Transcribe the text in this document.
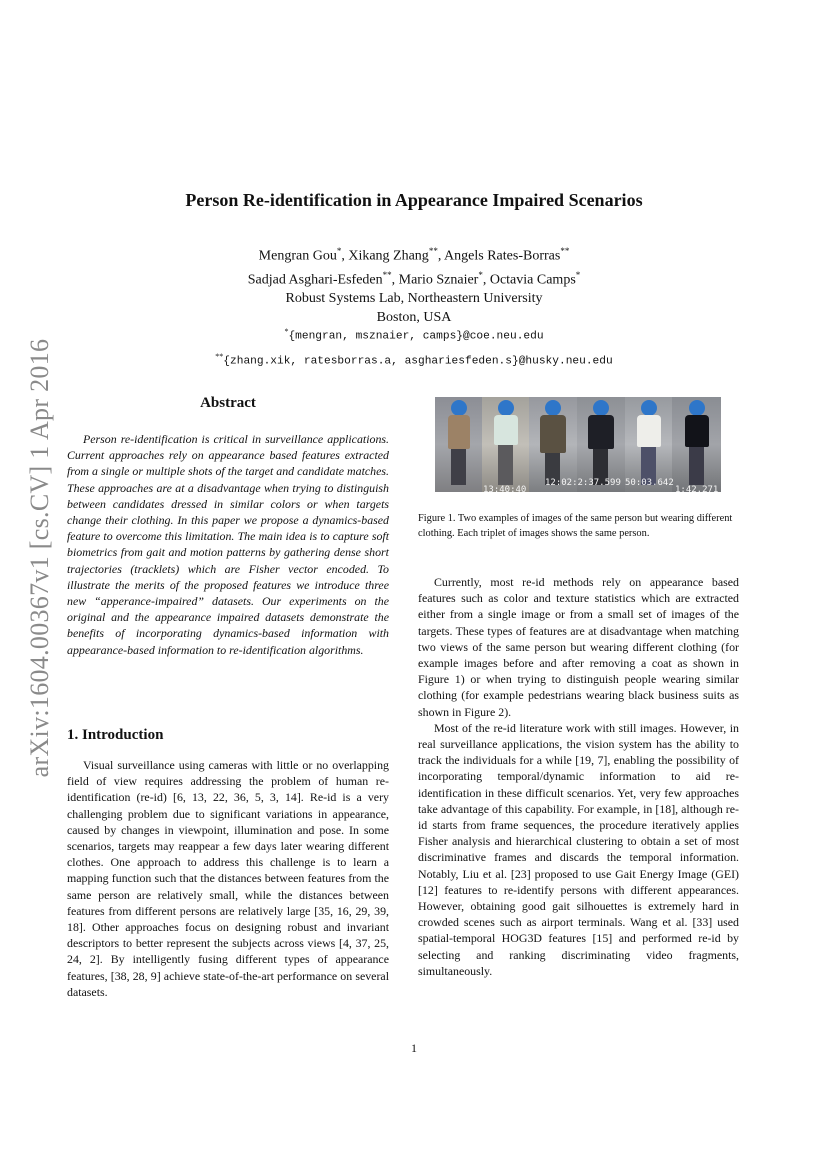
arXiv:1604.00367v1 [cs.CV] 1 Apr 2016
Person Re-identification in Appearance Impaired Scenarios
Mengran Gou*, Xikang Zhang**, Angels Rates-Borras**
Sadjad Asghari-Esfeden**, Mario Sznaier*, Octavia Camps*
Robust Systems Lab, Northeastern University
Boston, USA
*{mengran, msznaier, camps}@coe.neu.edu
**{zhang.xik, ratesborras.a, asghariesfeden.s}@husky.neu.edu
Abstract

Person re-identification is critical in surveillance applications. Current approaches rely on appearance based features extracted from a single or multiple shots of the target and candidate matches. These approaches are at a disadvantage when trying to distinguish between candidates dressed in similar colors or when targets change their clothing. In this paper we propose a dynamics-based feature to overcome this limitation. The main idea is to capture soft biometrics from gait and motion patterns by gathering dense short trajectories (tracklets) which are Fisher vector encoded. To illustrate the merits of the proposed features we introduce three new “apperance-impaired” datasets. Our experiments on the original and the appearance impaired datasets demonstrate the benefits of incorporating dynamics-based information with appearance-based information to re-identification algorithms.

1. Introduction

Visual surveillance using cameras with little or no overlapping field of view requires addressing the problem of human re-identification (re-id) [6, 13, 22, 36, 5, 3, 14]. Re-id is a very challenging problem due to significant variations in appearance, caused by changes in viewpoint, illumination and pose. In some scenarios, targets may reappear a few days later wearing different clothes. One approach to address this challenge is to learn a mapping function such that the distances between features from the same person are relatively small, while the distances between features from different persons are relatively large [35, 16, 29, 39, 18]. Other approaches focus on designing robust and invariant descriptors to better represent the subjects across views [4, 37, 25, 24, 2]. By intelligently fusing different types of appearance features, [38, 28, 9] achieve state-of-the-art performance on several datasets.

13:40:40
12:02:2:37.599 50:03.642
1:42.271
Figure 1. Two examples of images of the same person but wearing different clothing. Each triplet of images shows the same person.

Currently, most re-id methods rely on appearance based features such as color and texture statistics which are extracted either from a single image or from a small set of images of the targets. These types of features are at disadvantage when matching two views of the same person but wearing different clothing (for example images before and after removing a coat as shown in Figure 1) or when trying to distinguish people wearing similar clothing (for example pedestrians wearing black business suits as shown in Figure 2).

Most of the re-id literature work with still images. However, in real surveillance applications, the vision system has the ability to track the individuals for a while [19, 7], enabling the possibility of incorporating temporal/dynamic information to aid re-identification in these difficult scenarios. Yet, very few approaches take advantage of this capability. For example, in [18], although re-id starts from frame sequences, the procedure iteratively applies Fisher analysis and hierarchical clustering to obtain a set of most discriminative frames and discards the temporal information. Notably, Liu et al. [23] proposed to use Gait Energy Image (GEI) [12] features to re-identify persons with different appearances. However, obtaining good gait silhouettes is extremely hard in crowded scenes such as airport terminals. Wang et al. [33] used spatial-temporal HOG3D features [15] and performed re-id by selecting and ranking discriminating video fragments, simultaneously.

1
